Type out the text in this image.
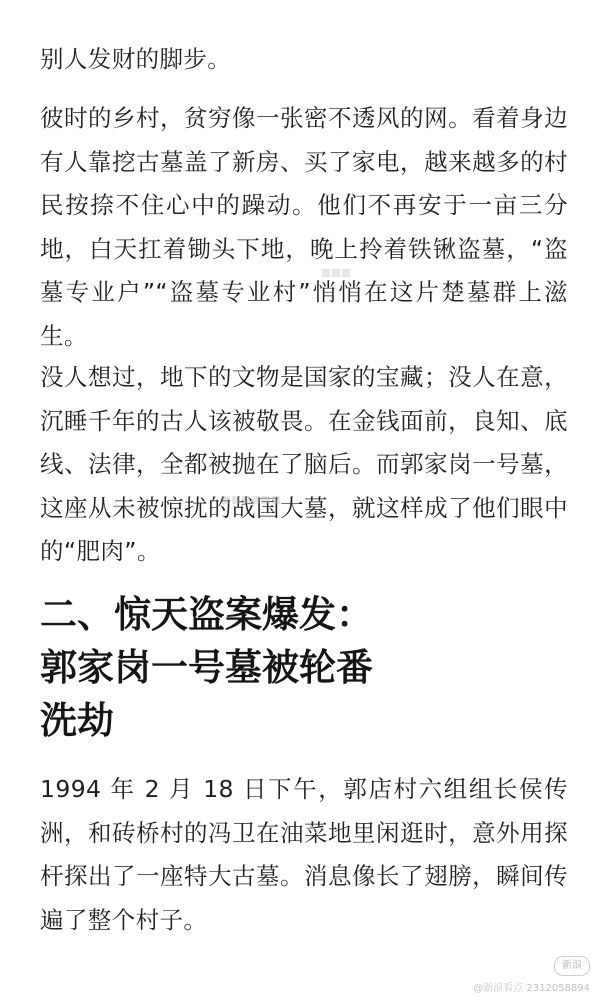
别人发财的脚步。

彼时的乡村，贫穷像一张密不透风的网。看着身边有人靠挖古墓盖了新房、买了家电，越来越多的村民按捺不住心中的躁动。他们不再安于一亩三分地，白天扛着锄头下地，晚上拎着铁锹盗墓，“盗墓专业户”“盗墓专业村”悄悄在这片楚墓群上滋生。

没人想过，地下的文物是国家的宝藏；没人在意，沉睡千年的古人该被敬畏。在金钱面前，良知、底线、法律，全都被抛在了脑后。而郭家岗一号墓，这座从未被惊扰的战国大墓，就这样成了他们眼中的“肥肉”。

二、惊天盗案爆发：
郭家岗一号墓被轮番
洗劫

1994 年 2 月 18 日下午，郭店村六组组长侯传洲，和砖桥村的冯卫在油菜地里闲逛时，意外用探杆探出了一座特大古墓。消息像长了翅膀，瞬间传遍了整个村子。

新浪
@新浪看点 2312058894
